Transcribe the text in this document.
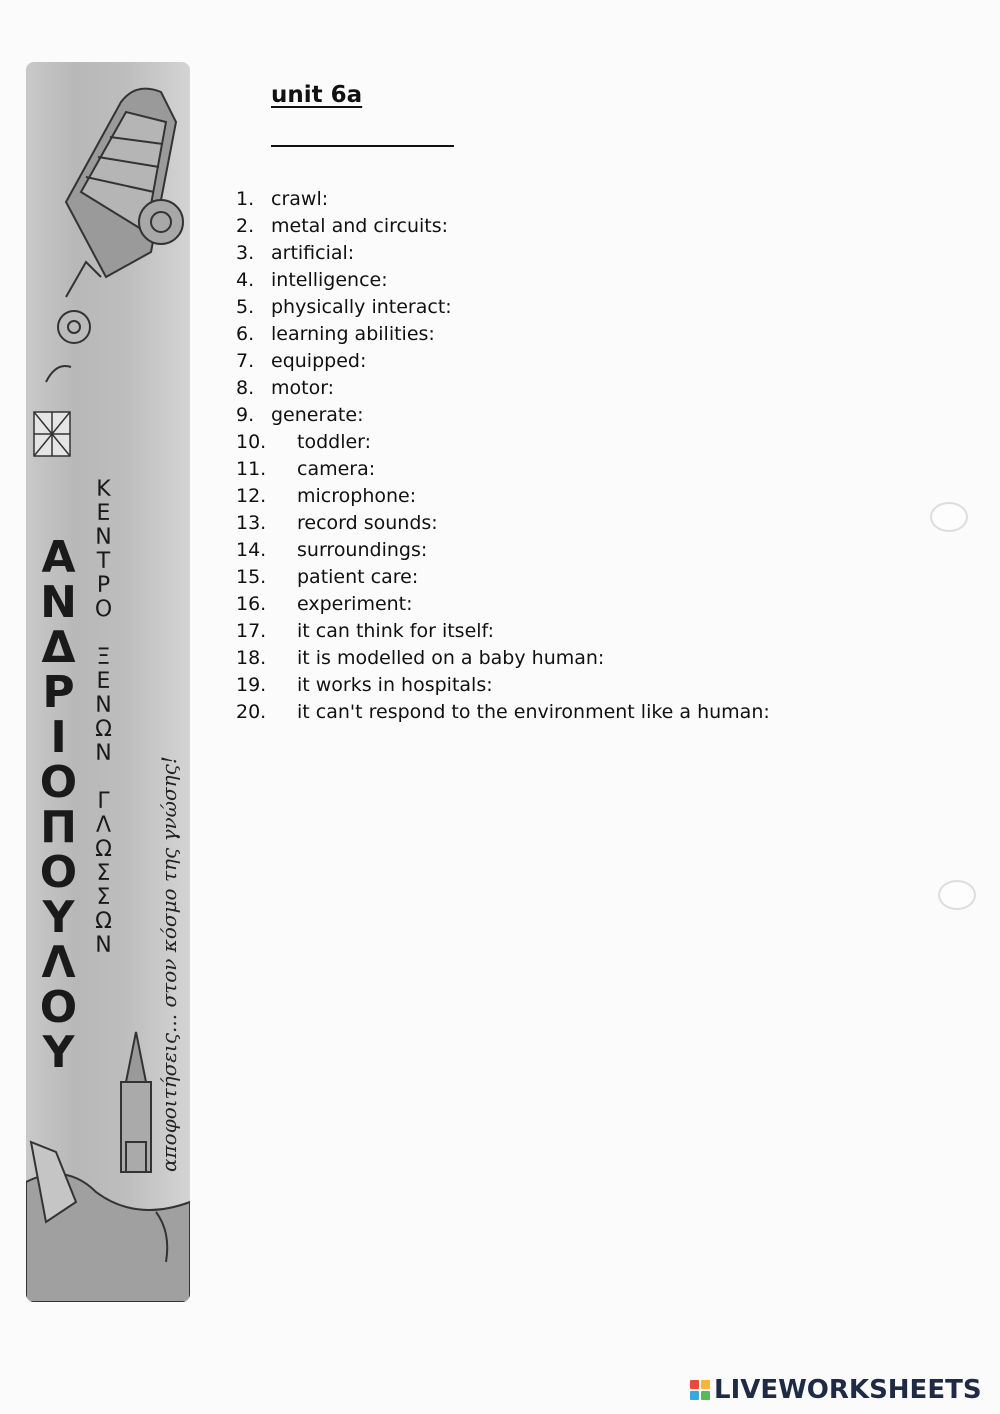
ΑΝΔΡΙΟΠΟΥΛΟΥ ΚΕΝΤΡΟ ΞΕΝΩΝ ΓΛΩΣΣΩΝ
αποφοιτήσεις... στον κόσμο της γνώσης!
unit 6a
1. crawl:
2. metal and circuits:
3. artificial:
4. intelligence:
5. physically interact:
6. learning abilities:
7. equipped:
8. motor:
9. generate:
10.	toddler:
11.	camera:
12.	microphone:
13.	record sounds:
14.	surroundings:
15.	patient care:
16.	experiment:
17.	it can think for itself:
18.	it is modelled on a baby human:
19.	it works in hospitals:
20.	it can't respond to the environment like a human:
LIVEWORKSHEETS
